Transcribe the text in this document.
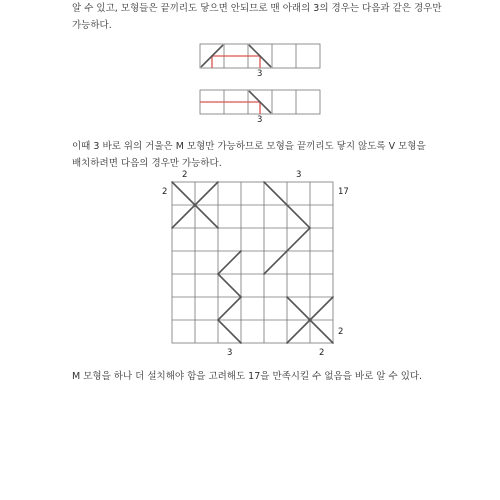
알 수 있고, 모형들은 끝끼리도 닿으면 안되므로 맨 아래의 3의 경우는 다음과 같은 경우만
가능하다.

3
3
2	3
2	17
2
3	2

이때 3 바로 위의 거울은 M 모형만 가능하므로 모형을 끝끼리도 닿지 않도록 V 모형을
배치하려면 다음의 경우만 가능하다.

M 모형을 하나 더 설치해야 함을 고려해도 17을 만족시킬 수 없음을 바로 알 수 있다.
